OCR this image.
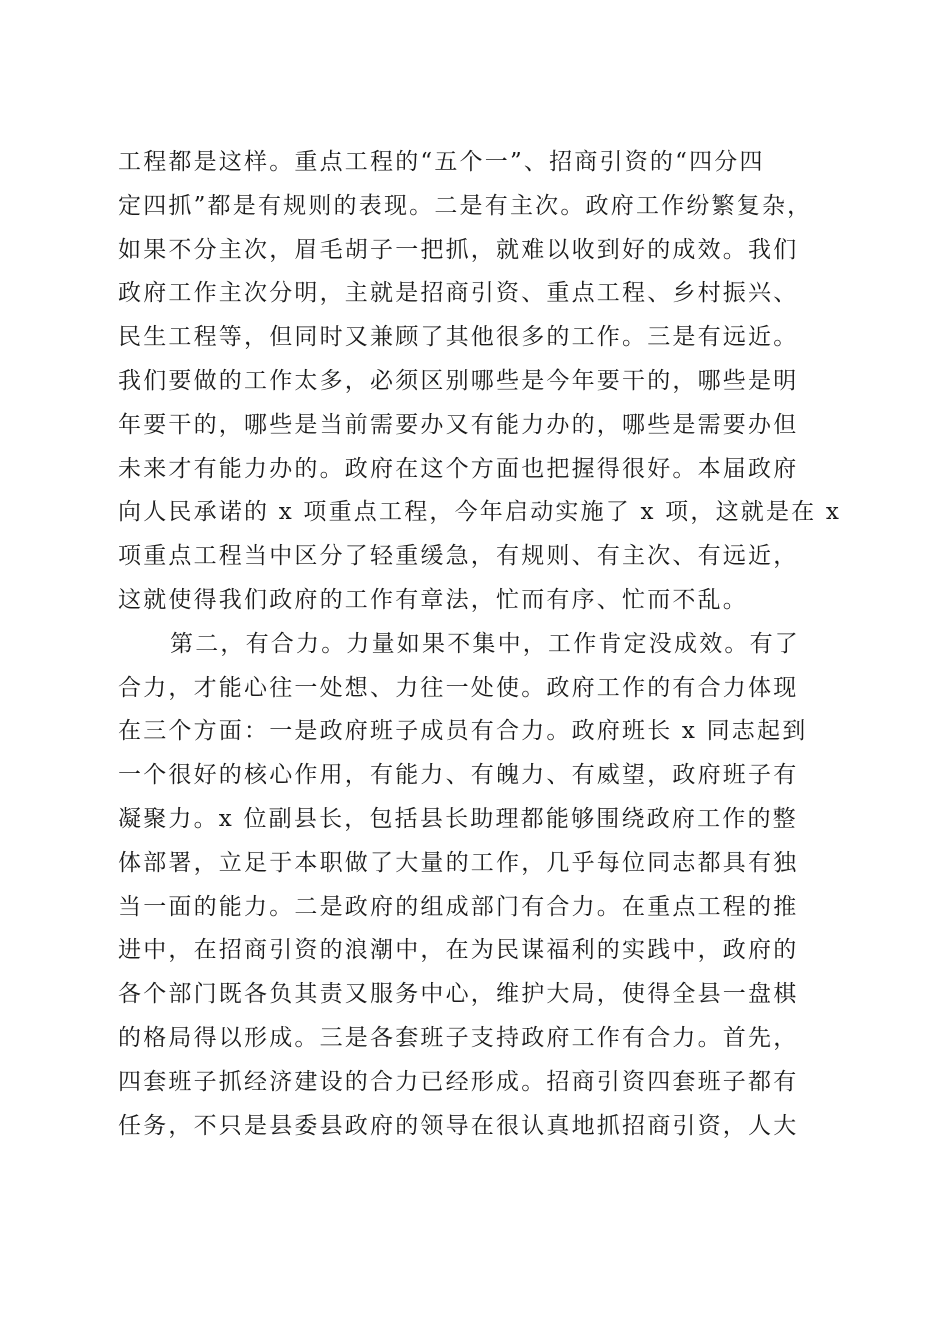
工程都是这样。重点工程的“五个一”、招商引资的“四分四
定四抓”都是有规则的表现。二是有主次。政府工作纷繁复杂，
如果不分主次，眉毛胡子一把抓，就难以收到好的成效。我们
政府工作主次分明，主就是招商引资、重点工程、乡村振兴、
民生工程等，但同时又兼顾了其他很多的工作。三是有远近。
我们要做的工作太多，必须区别哪些是今年要干的，哪些是明
年要干的，哪些是当前需要办又有能力办的，哪些是需要办但
未来才有能力办的。政府在这个方面也把握得很好。本届政府
向人民承诺的 x 项重点工程，今年启动实施了 x 项，这就是在 x
项重点工程当中区分了轻重缓急，有规则、有主次、有远近，
这就使得我们政府的工作有章法，忙而有序、忙而不乱。
第二，有合力。力量如果不集中，工作肯定没成效。有了
合力，才能心往一处想、力往一处使。政府工作的有合力体现
在三个方面：一是政府班子成员有合力。政府班长 x 同志起到
一个很好的核心作用，有能力、有魄力、有威望，政府班子有
凝聚力。x 位副县长，包括县长助理都能够围绕政府工作的整
体部署，立足于本职做了大量的工作，几乎每位同志都具有独
当一面的能力。二是政府的组成部门有合力。在重点工程的推
进中，在招商引资的浪潮中，在为民谋福利的实践中，政府的
各个部门既各负其责又服务中心，维护大局，使得全县一盘棋
的格局得以形成。三是各套班子支持政府工作有合力。首先，
四套班子抓经济建设的合力已经形成。招商引资四套班子都有
任务，不只是县委县政府的领导在很认真地抓招商引资，人大
